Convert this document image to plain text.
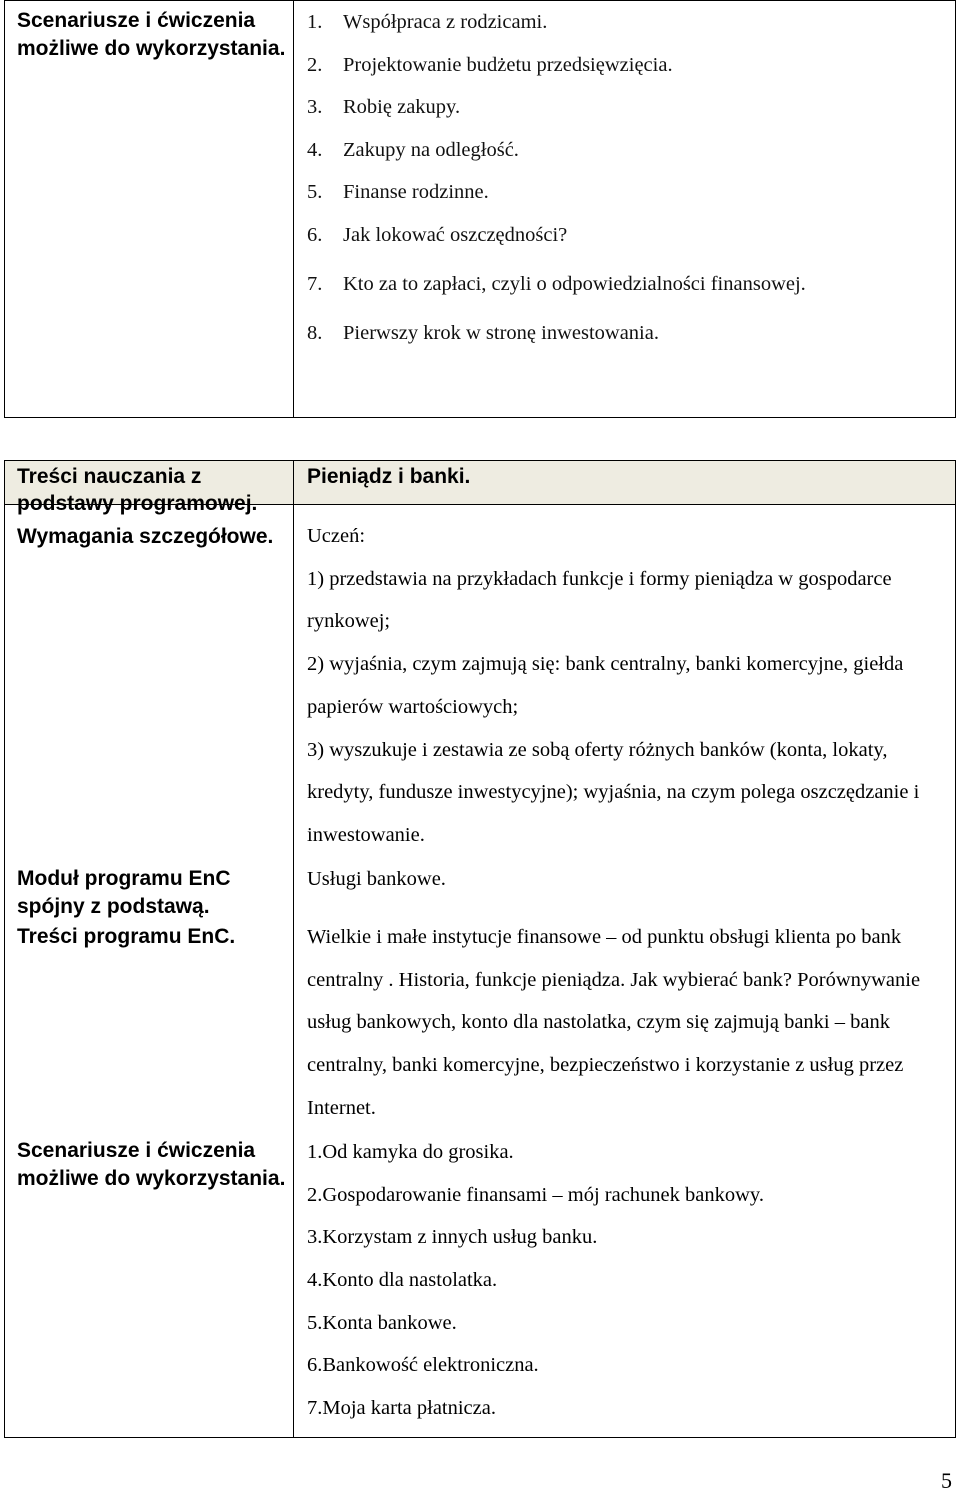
Scenariusze i ćwiczenia możliwe do wykorzystania.
1. Współpraca z rodzicami.
2. Projektowanie budżetu przedsięwzięcia.
3. Robię zakupy.
4. Zakupy na odległość.
5. Finanse rodzinne.
6. Jak lokować oszczędności?
7. Kto za to zapłaci, czyli o odpowiedzialności finansowej.
8. Pierwszy krok w stronę inwestowania.
Treści nauczania z podstawy programowej.
Pieniądz i banki.
Wymagania szczegółowe.	Uczeń:
1) przedstawia na przykładach funkcje i formy pieniądza w gospodarce rynkowej;
2) wyjaśnia, czym zajmują się: bank centralny, banki komercyjne, giełda papierów wartościowych;
3) wyszukuje i zestawia ze sobą oferty różnych banków (konta, lokaty, kredyty, fundusze inwestycyjne); wyjaśnia, na czym polega oszczędzanie i inwestowanie.
Moduł programu EnC spójny z podstawą.
Usługi bankowe.
Treści programu EnC.	Wielkie i małe instytucje finansowe – od punktu obsługi klienta po bank centralny . Historia, funkcje pieniądza. Jak wybierać bank? Porównywanie usług bankowych, konto dla nastolatka, czym się zajmują banki – bank centralny, banki komercyjne, bezpieczeństwo i korzystanie z usług przez Internet.
Scenariusze i ćwiczenia możliwe do wykorzystania.
1.Od kamyka do grosika.
2.Gospodarowanie finansami – mój rachunek bankowy.
3.Korzystam z innych usług banku.
4.Konto dla nastolatka.
5.Konta bankowe.
6.Bankowość elektroniczna.
7.Moja karta płatnicza.
5
